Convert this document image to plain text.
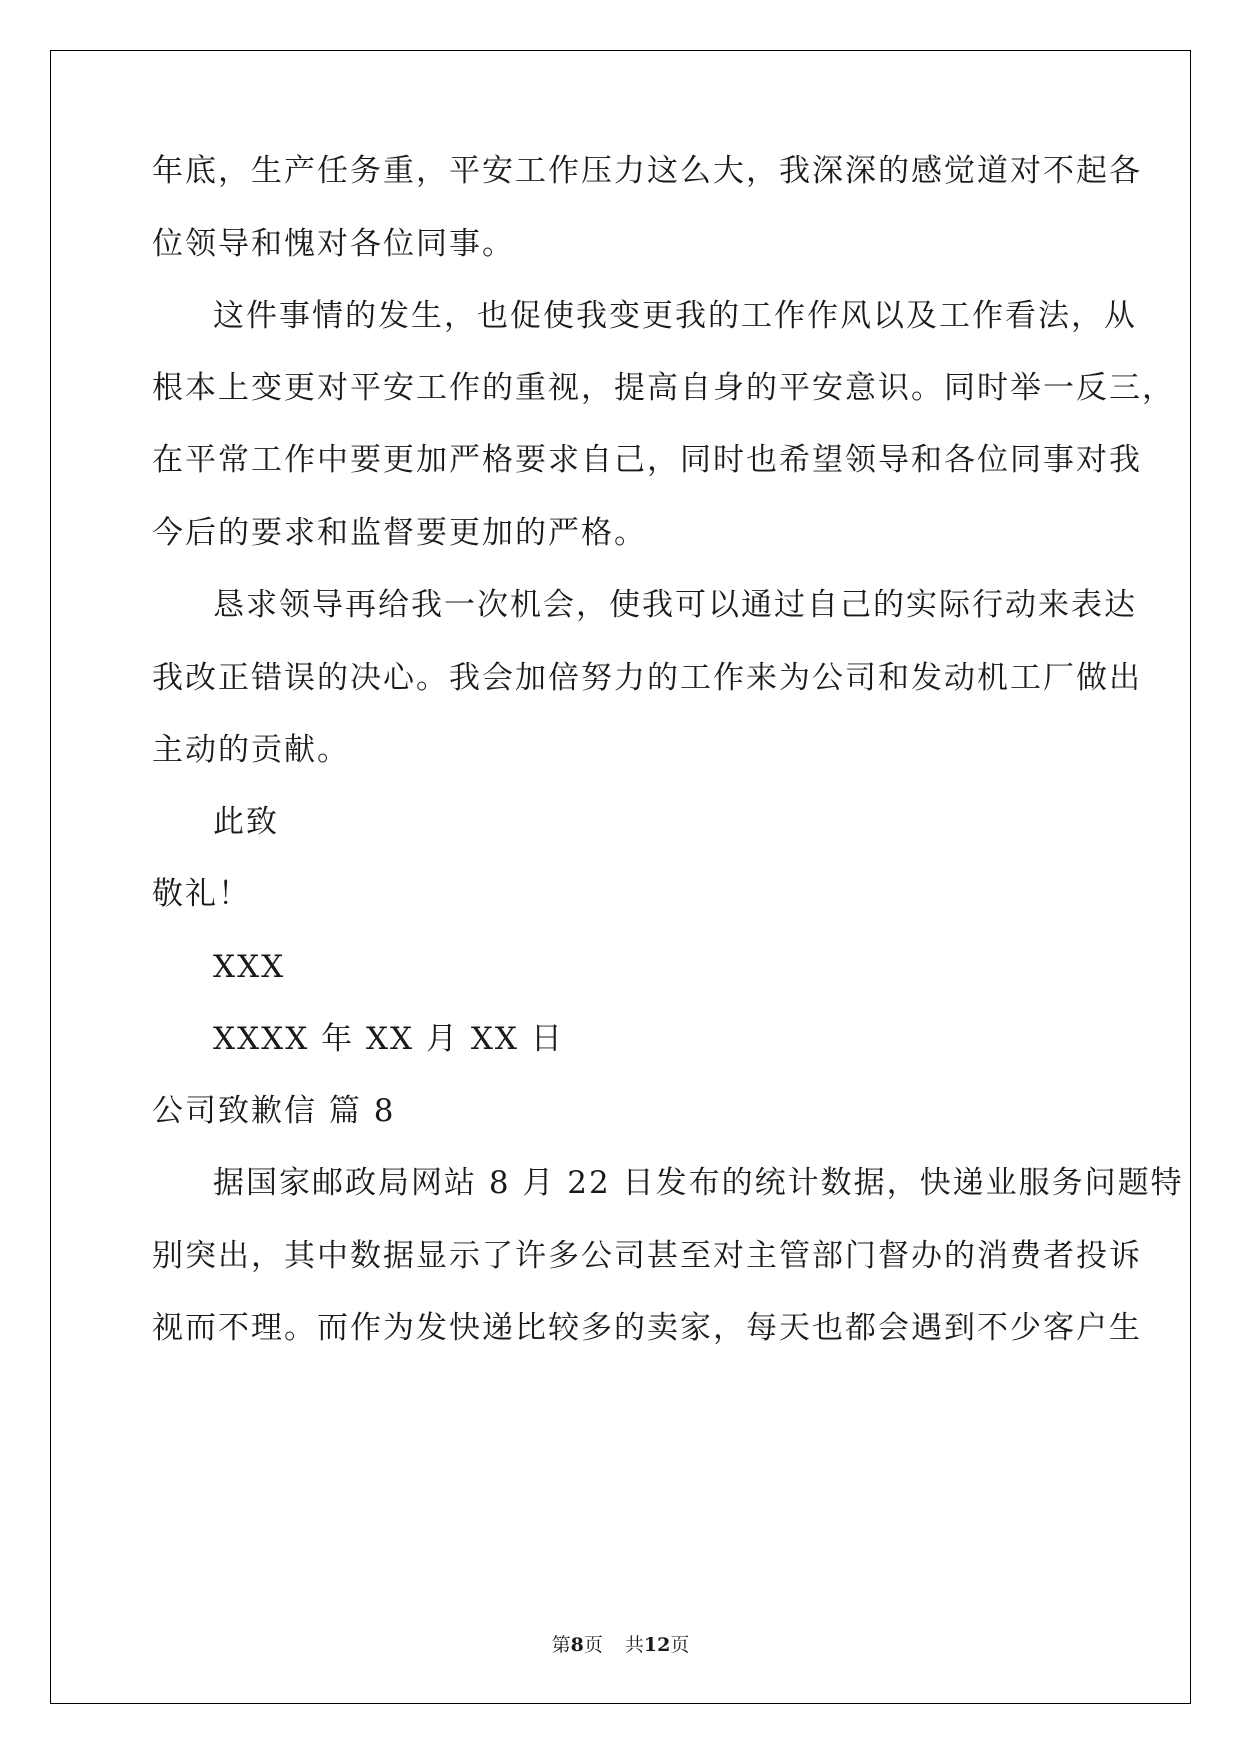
年底，生产任务重，平安工作压力这么大，我深深的感觉道对不起各
位领导和愧对各位同事。
这件事情的发生，也促使我变更我的工作作风以及工作看法，从
根本上变更对平安工作的重视，提高自身的平安意识。同时举一反三，
在平常工作中要更加严格要求自己，同时也希望领导和各位同事对我
今后的要求和监督要更加的严格。
恳求领导再给我一次机会，使我可以通过自己的实际行动来表达
我改正错误的决心。我会加倍努力的工作来为公司和发动机工厂做出
主动的贡献。
此致
敬礼！
XXX
XXXX 年 XX 月 XX 日
公司致歉信 篇 8
据国家邮政局网站 8 月 22 日发布的统计数据，快递业服务问题特
别突出，其中数据显示了许多公司甚至对主管部门督办的消费者投诉
视而不理。而作为发快递比较多的卖家，每天也都会遇到不少客户生
第8页 共12页
